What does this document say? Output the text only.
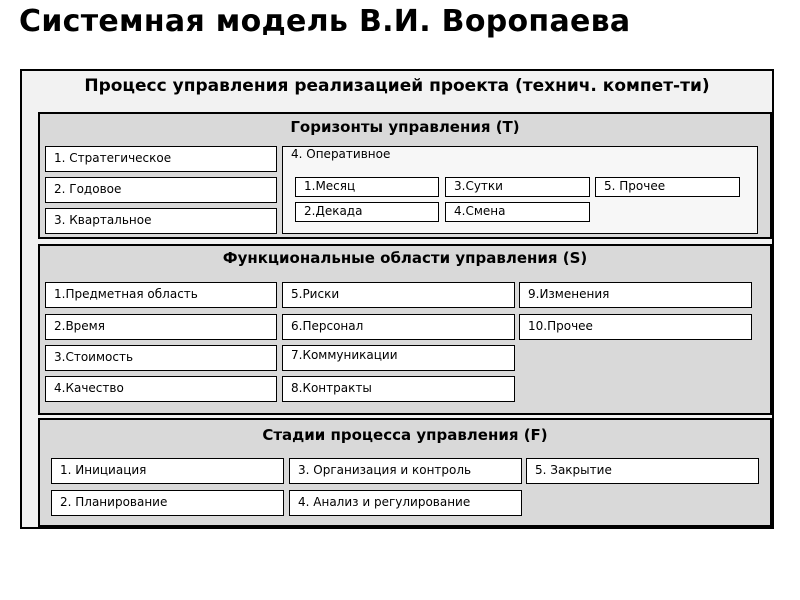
Системная модель В.И. Воропаева
Процесс управления реализацией проекта (технич. компет-ти)
Горизонты управления (T)
1. Стратегическое
2. Годовое
3. Квартальное
4. Оперативное
1.Месяц
2.Декада
3.Сутки
4.Смена
5. Прочее
Функциональные области управления (S)
1.Предметная область
2.Время
3.Стоимость
4.Качество
5.Риски
6.Персонал
7.Коммуникации
8.Контракты
9.Изменения
10.Прочее
Стадии процесса управления (F)
1. Инициация
2. Планирование
3. Организация и контроль
4. Анализ и регулирование
5. Закрытие
